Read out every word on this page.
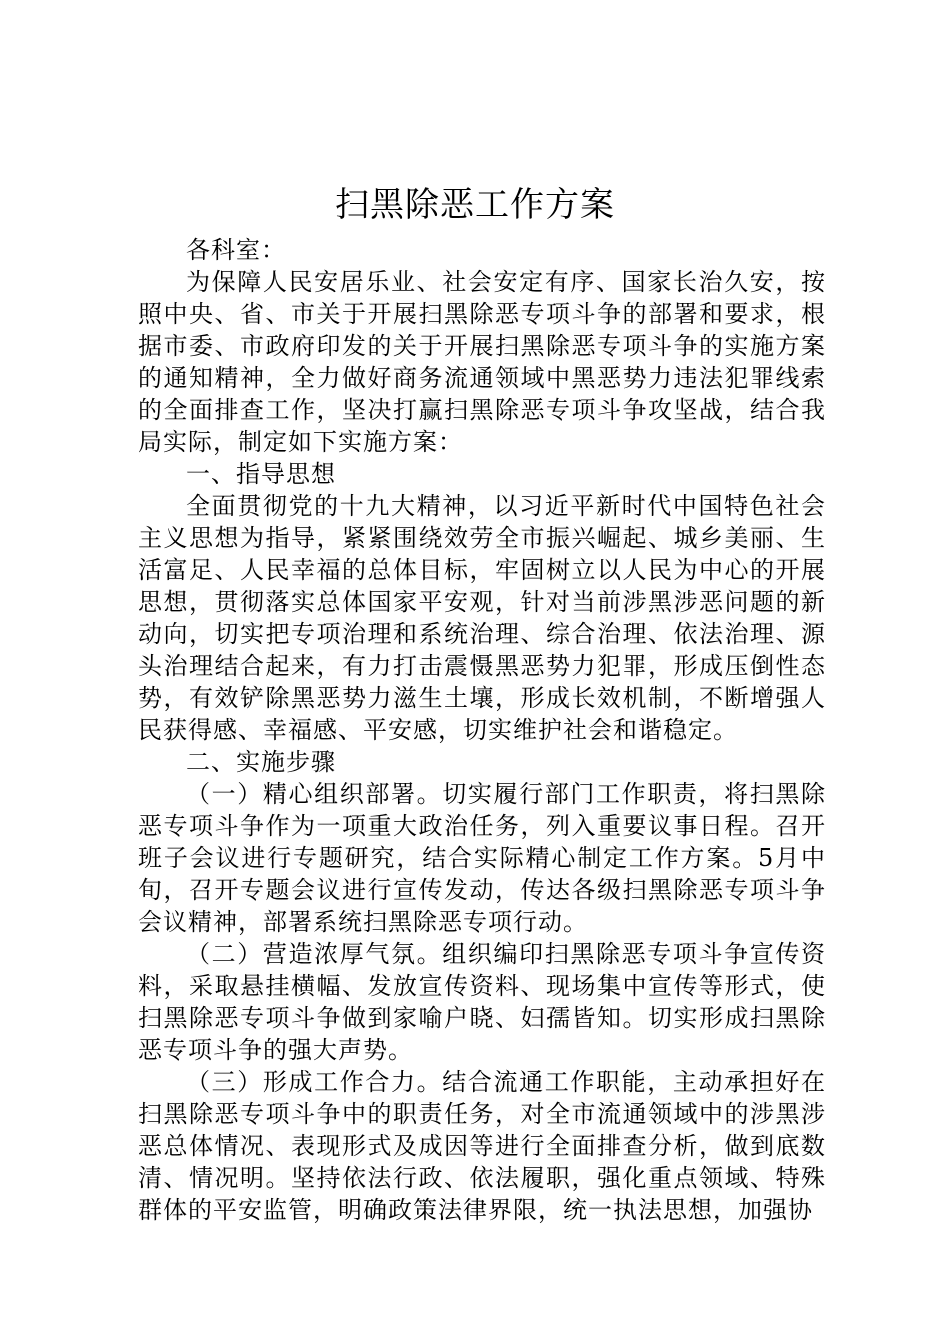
扫黑除恶工作方案

各科室：

为保障人民安居乐业、社会安定有序、国家长治久安，按照中央、省、市关于开展扫黑除恶专项斗争的部署和要求，根据市委、市政府印发的关于开展扫黑除恶专项斗争的实施方案的通知精神，全力做好商务流通领域中黑恶势力违法犯罪线索的全面排查工作，坚决打赢扫黑除恶专项斗争攻坚战，结合我局实际，制定如下实施方案：

一、指导思想

全面贯彻党的十九大精神，以习近平新时代中国特色社会主义思想为指导，紧紧围绕效劳全市振兴崛起、城乡美丽、生活富足、人民幸福的总体目标，牢固树立以人民为中心的开展思想，贯彻落实总体国家平安观，针对当前涉黑涉恶问题的新动向，切实把专项治理和系统治理、综合治理、依法治理、源头治理结合起来，有力打击震慑黑恶势力犯罪，形成压倒性态势，有效铲除黑恶势力滋生土壤，形成长效机制，不断增强人民获得感、幸福感、平安感，切实维护社会和谐稳定。

二、实施步骤

（一）精心组织部署。切实履行部门工作职责，将扫黑除恶专项斗争作为一项重大政治任务，列入重要议事日程。召开班子会议进行专题研究，结合实际精心制定工作方案。5月中旬，召开专题会议进行宣传发动，传达各级扫黑除恶专项斗争会议精神，部署系统扫黑除恶专项行动。

（二）营造浓厚气氛。组织编印扫黑除恶专项斗争宣传资料，采取悬挂横幅、发放宣传资料、现场集中宣传等形式，使扫黑除恶专项斗争做到家喻户晓、妇孺皆知。切实形成扫黑除恶专项斗争的强大声势。

（三）形成工作合力。结合流通工作职能，主动承担好在扫黑除恶专项斗争中的职责任务，对全市流通领域中的涉黑涉恶总体情况、表现形式及成因等进行全面排查分析，做到底数清、情况明。坚持依法行政、依法履职，强化重点领域、特殊群体的平安监管，明确政策法律界限，统一执法思想，加强协
